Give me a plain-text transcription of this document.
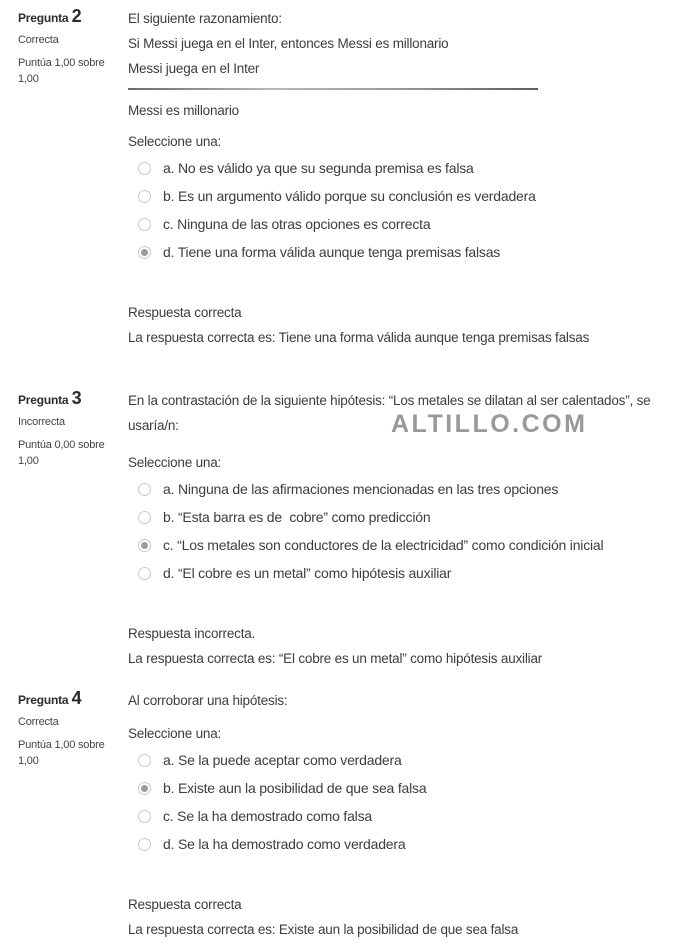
Pregunta 2
Correcta
Puntúa 1,00 sobre
1,00

El siguiente razonamiento:

Si Messi juega en el Inter, entonces Messi es millonario

Messi juega en el Inter

Messi es millonario

Seleccione una:

a. No es válido ya que su segunda premisa es falsa
b. Es un argumento válido porque su conclusión es verdadera
c. Ninguna de las otras opciones es correcta
d. Tiene una forma válida aunque tenga premisas falsas

Respuesta correcta

La respuesta correcta es: Tiene una forma válida aunque tenga premisas falsas

Pregunta 3
Incorrecta
Puntúa 0,00 sobre
1,00

En la contrastación de la siguiente hipótesis: “Los metales se dilatan al ser calentados”, se usaría/n:

Seleccione una:

a. Ninguna de las afirmaciones mencionadas en las tres opciones
b. “Esta barra es de  cobre” como predicción
c. “Los metales son conductores de la electricidad” como condición inicial
d. “El cobre es un metal” como hipótesis auxiliar

Respuesta incorrecta.

La respuesta correcta es: “El cobre es un metal” como hipótesis auxiliar

Pregunta 4
Correcta
Puntúa 1,00 sobre
1,00

Al corroborar una hipótesis:

Seleccione una:

a. Se la puede aceptar como verdadera
b. Existe aun la posibilidad de que sea falsa
c. Se la ha demostrado como falsa
d. Se la ha demostrado como verdadera

Respuesta correcta

La respuesta correcta es: Existe aun la posibilidad de que sea falsa

ALTILLO.COM
